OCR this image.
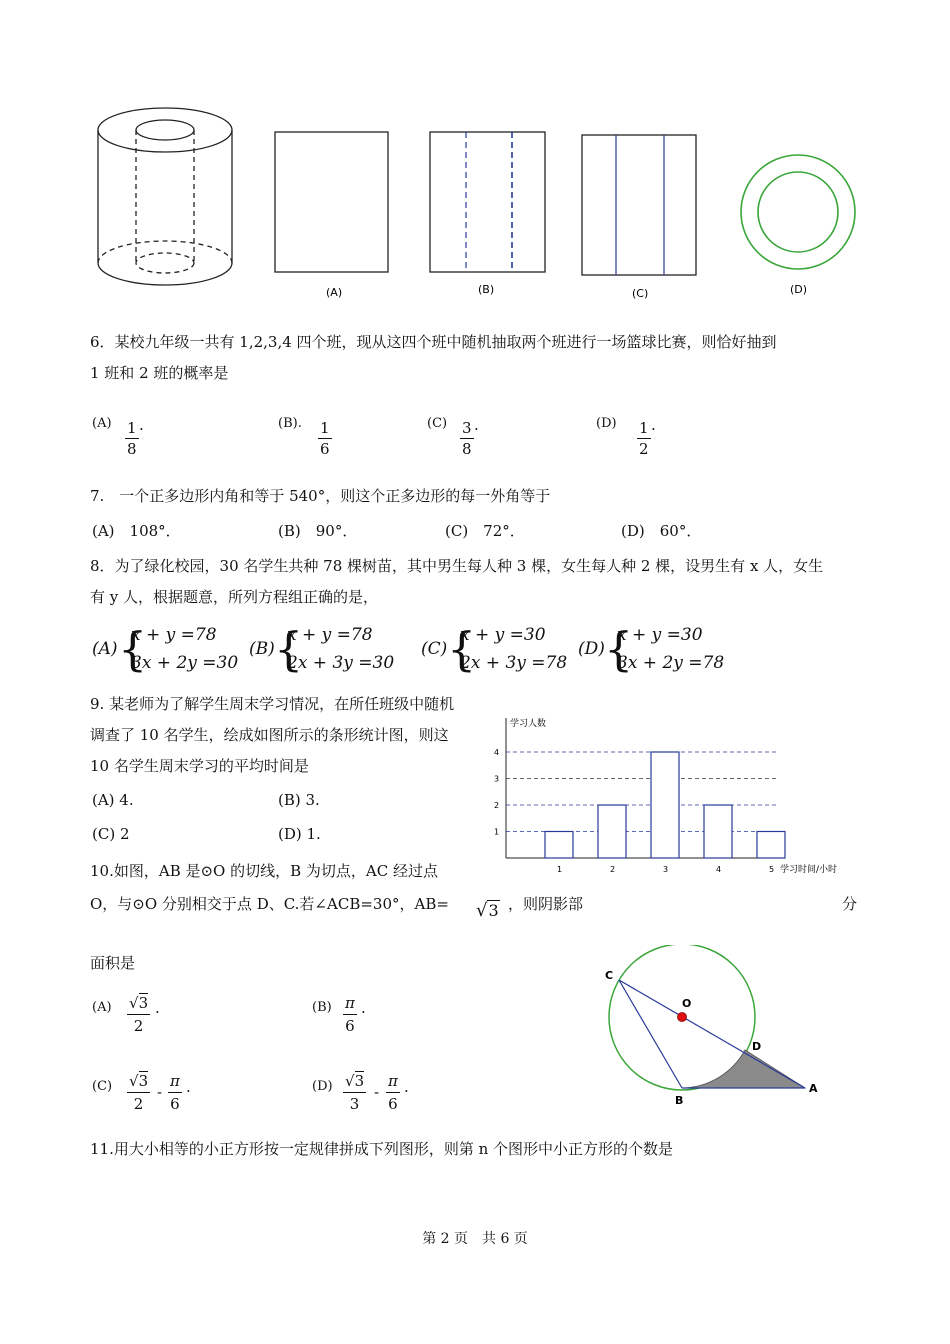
(A)	(B)	(C)	(D)
6．某校九年级一共有 1,2,3,4 四个班，现从这四个班中随机抽取两个班进行一场篮球比赛，则恰好抽到
1 班和 2 班的概率是
$(A) \frac{1}{8}$ .	(B). $\frac{1}{6}$	$(C) \frac{3}{8}$ .	$(D) \frac{1}{2}$ .
7.　一个正多边形内角和等于 540°，则这个正多边形的每一外角等于
(A)　108°．	(B)　90°．	(C)　72°．	(D)　60°．
8．为了绿化校园，30 名学生共种 78 棵树苗，其中男生每人种 3 棵，女生每人种 2 棵，设男生有 x 人，女生
有 y 人，根据题意，所列方程组正确的是，
(A) {
x + y =78
3x + 2y =30
(B) {
x + y =78
2x + 3y =30
(C) {
x + y =30
2x + 3y =78
(D) {
x + y =30
3x + 2y =78
9. 某老师为了解学生周末学习情况，在所任班级中随机
调查了 10 名学生，绘成如图所示的条形统计图，则这
10 名学生周末学习的平均时间是
(A) 4.	(B) 3.
(C) 2	(D) 1.
学习人数
学习时间/小时
1
2
3
4
1	2	3	4	5
10.如图，AB 是⊙O 的切线，B 为切点，AC 经过点
O，与⊙O 分别相交于点 D、C.若∠ACB=30°，AB= √3 ，则阴影部	分
面积是
(A) √3
2
.	(B) π
6
.
(C) √3
2
-
π
6
.	(D) √3
3
-
π
6
.
C
O
D
B
A
11.用大小相等的小正方形按一定规律拼成下列图形，则第 n 个图形中小正方形的个数是
第 2 页　共 6 页
